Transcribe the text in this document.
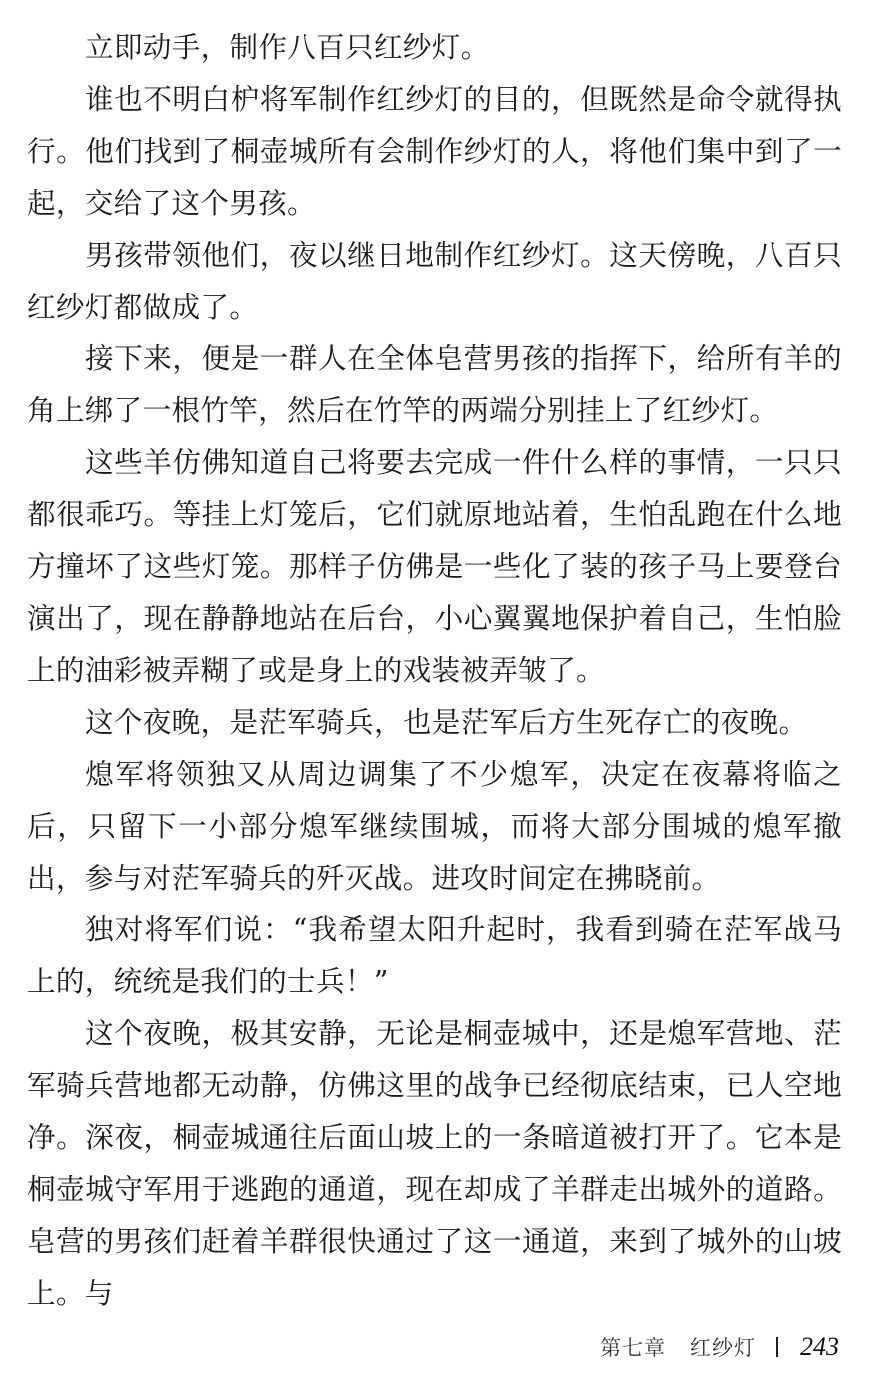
立即动手，制作八百只红纱灯。

谁也不明白枦将军制作红纱灯的目的，但既然是命令就得执行。他们找到了桐壶城所有会制作纱灯的人，将他们集中到了一起，交给了这个男孩。

男孩带领他们，夜以继日地制作红纱灯。这天傍晚，八百只红纱灯都做成了。

接下来，便是一群人在全体皂营男孩的指挥下，给所有羊的角上绑了一根竹竿，然后在竹竿的两端分别挂上了红纱灯。

这些羊仿佛知道自己将要去完成一件什么样的事情，一只只都很乖巧。等挂上灯笼后，它们就原地站着，生怕乱跑在什么地方撞坏了这些灯笼。那样子仿佛是一些化了装的孩子马上要登台演出了，现在静静地站在后台，小心翼翼地保护着自己，生怕脸上的油彩被弄糊了或是身上的戏装被弄皱了。

这个夜晚，是茫军骑兵，也是茫军后方生死存亡的夜晚。

熄军将领独又从周边调集了不少熄军，决定在夜幕将临之后，只留下一小部分熄军继续围城，而将大部分围城的熄军撤出，参与对茫军骑兵的歼灭战。进攻时间定在拂晓前。

独对将军们说：“我希望太阳升起时，我看到骑在茫军战马上的，统统是我们的士兵！”

这个夜晚，极其安静，无论是桐壶城中，还是熄军营地、茫军骑兵营地都无动静，仿佛这里的战争已经彻底结束，已人空地净。深夜，桐壶城通往后面山坡上的一条暗道被打开了。它本是桐壶城守军用于逃跑的通道，现在却成了羊群走出城外的道路。皂营的男孩们赶着羊群很快通过了这一通道，来到了城外的山坡上。与

第七章 红纱灯 243
